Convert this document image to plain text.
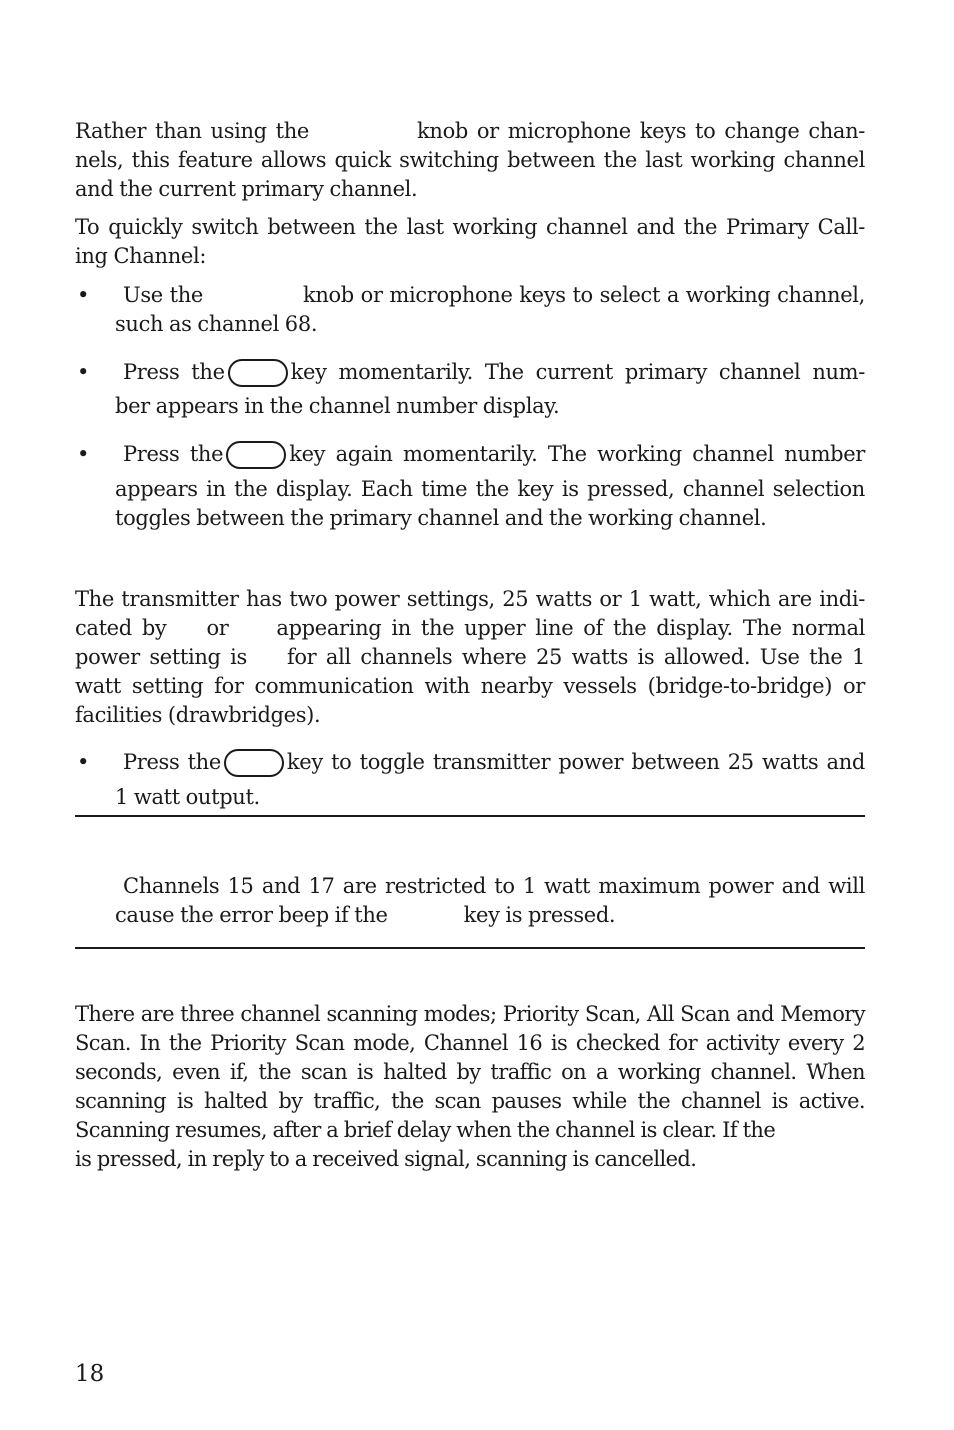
Rather than using the	knob or microphone keys to change chan-
nels, this feature allows quick switching between the last working channel
and the current primary channel.
To quickly switch between the last working channel and the Primary Call-
ing Channel:
•	Use the	knob or microphone keys to select a working channel,
such as channel 68.
•	Press the	key momentarily. The current primary channel num-
ber appears in the channel number display.
•	Press the	key again momentarily. The working channel number
appears in the display. Each time the key is pressed, channel selection
toggles between the primary channel and the working channel.
The transmitter has two power settings, 25 watts or 1 watt, which are indi-
cated by or appearing in the upper line of the display. The normal
power setting is for all channels where 25 watts is allowed. Use the 1
watt setting for communication with nearby vessels (bridge-to-bridge) or
facilities (drawbridges).
•	Press the	key to toggle transmitter power between 25 watts and
1 watt output.
Channels 15 and 17 are restricted to 1 watt maximum power and will
cause the error beep if the	key is pressed.
There are three channel scanning modes; Priority Scan, All Scan and Memory
Scan. In the Priority Scan mode, Channel 16 is checked for activity every 2
seconds, even if, the scan is halted by traffic on a working channel. When
scanning is halted by traffic, the scan pauses while the channel is active.
Scanning resumes, after a brief delay when the channel is clear. If the
is pressed, in reply to a received signal, scanning is cancelled.
18
